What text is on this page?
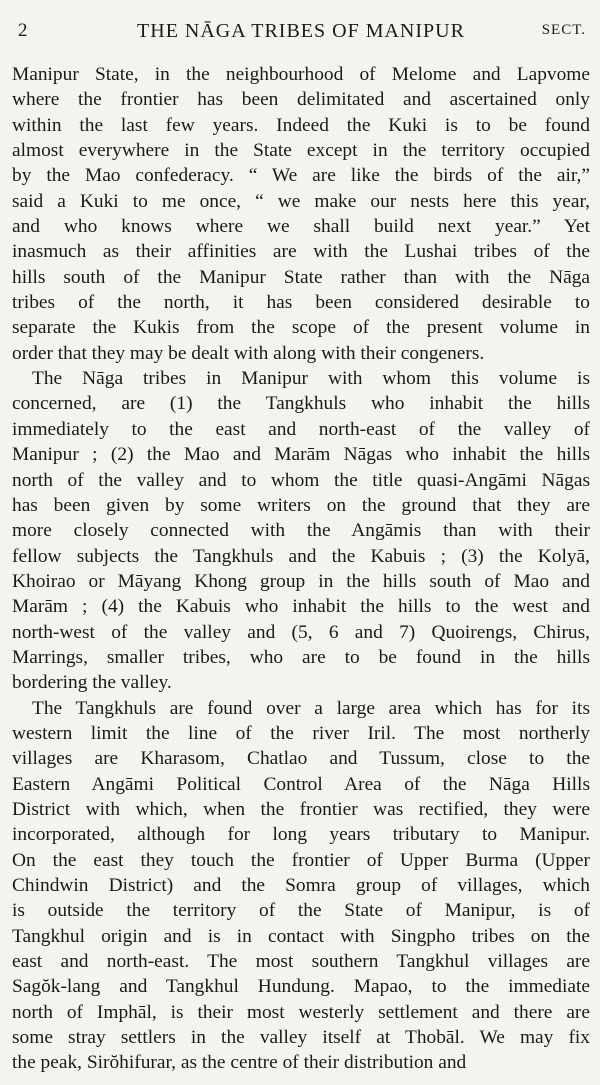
2	THE NĀGA TRIBES OF MANIPUR	SECT.
Manipur State, in the neighbourhood of Melome and Lapvome
where the frontier has been delimitated and ascertained only
within the last few years. Indeed the Kuki is to be found
almost everywhere in the State except in the territory occupied
by the Mao confederacy. “ We are like the birds of the air,”
said a Kuki to me once, “ we make our nests here this year,
and who knows where we shall build next year.” Yet
inasmuch as their affinities are with the Lushai tribes of the
hills south of the Manipur State rather than with the Nāga
tribes of the north, it has been considered desirable to
separate the Kukis from the scope of the present volume in
order that they may be dealt with along with their congeners.
The Nāga tribes in Manipur with whom this volume is
concerned, are (1) the Tangkhuls who inhabit the hills
immediately to the east and north-east of the valley of
Manipur ; (2) the Mao and Marām Nāgas who inhabit the hills
north of the valley and to whom the title quasi-Angāmi Nāgas
has been given by some writers on the ground that they are
more closely connected with the Angāmis than with their
fellow subjects the Tangkhuls and the Kabuis ; (3) the Kolyā,
Khoirao or Māyang Khong group in the hills south of Mao and
Marām ; (4) the Kabuis who inhabit the hills to the west and
north-west of the valley and (5, 6 and 7) Quoirengs, Chirus,
Marrings, smaller tribes, who are to be found in the hills
bordering the valley.
The Tangkhuls are found over a large area which has for its
western limit the line of the river Iril. The most northerly
villages are Kharasom, Chatlao and Tussum, close to the
Eastern Angāmi Political Control Area of the Nāga Hills
District with which, when the frontier was rectified, they were
incorporated, although for long years tributary to Manipur.
On the east they touch the frontier of Upper Burma (Upper
Chindwin District) and the Somra group of villages, which
is outside the territory of the State of Manipur, is of
Tangkhul origin and is in contact with Singpho tribes on the
east and north-east. The most southern Tangkhul villages are
Sagŏk-lang and Tangkhul Hundung. Mapao, to the immediate
north of Imphāl, is their most westerly settlement and there are
some stray settlers in the valley itself at Thobāl. We may fix
the peak, Sirŏhifurar, as the centre of their distribution and
